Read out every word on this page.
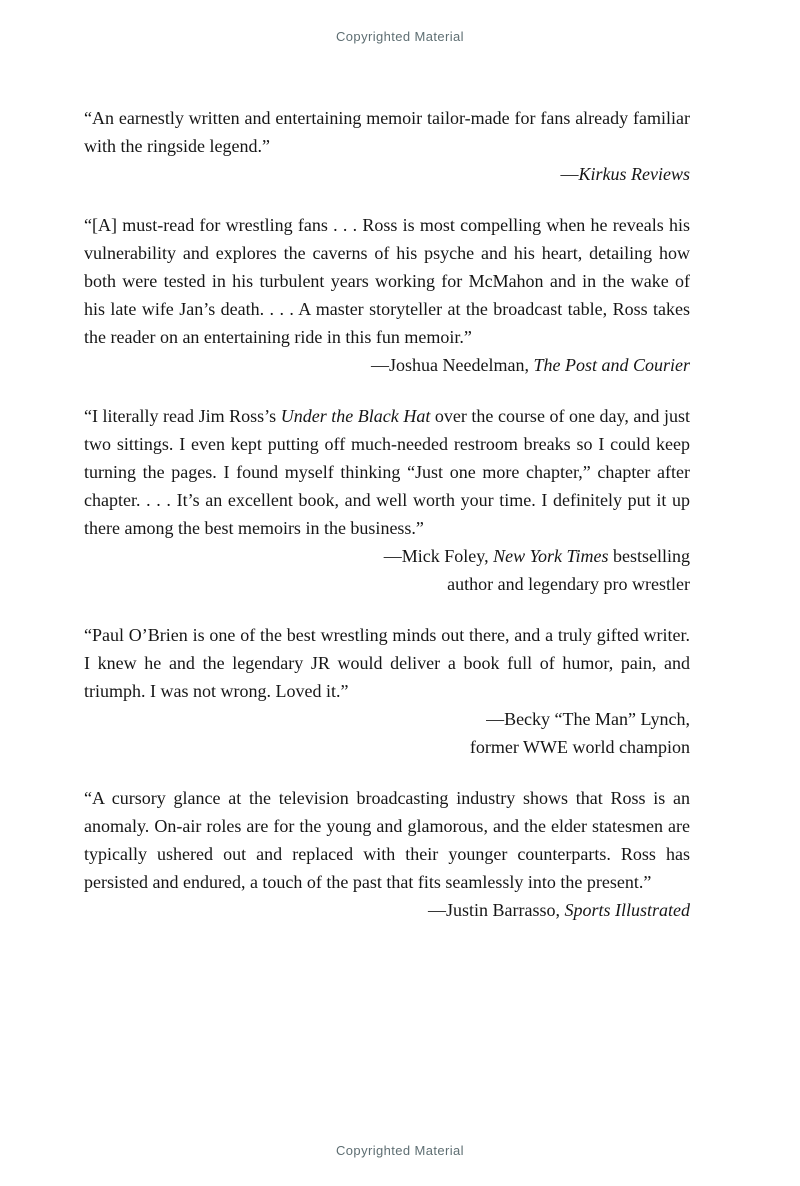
Copyrighted Material

“An earnestly written and entertaining memoir tailor-made for fans already familiar with the ringside legend.”

—Kirkus Reviews

“[A] must-read for wrestling fans . . . Ross is most compelling when he reveals his vulnerability and explores the caverns of his psyche and his heart, detailing how both were tested in his turbulent years working for McMahon and in the wake of his late wife Jan’s death. . . . A master storyteller at the broadcast table, Ross takes the reader on an entertaining ride in this fun memoir.”

—Joshua Needelman, The Post and Courier

“I literally read Jim Ross’s Under the Black Hat over the course of one day, and just two sittings. I even kept putting off much-needed restroom breaks so I could keep turning the pages. I found myself thinking “Just one more chapter,” chapter after chapter. . . . It’s an excellent book, and well worth your time. I definitely put it up there among the best memoirs in the business.”

—Mick Foley, New York Times bestselling

author and legendary pro wrestler

“Paul O’Brien is one of the best wrestling minds out there, and a truly gifted writer. I knew he and the legendary JR would deliver a book full of humor, pain, and triumph. I was not wrong. Loved it.”

—Becky “The Man” Lynch,

former WWE world champion

“A cursory glance at the television broadcasting industry shows that Ross is an anomaly. On-air roles are for the young and glamorous, and the elder statesmen are typically ushered out and replaced with their younger counterparts. Ross has persisted and endured, a touch of the past that fits seamlessly into the present.”

—Justin Barrasso, Sports Illustrated

Copyrighted Material
